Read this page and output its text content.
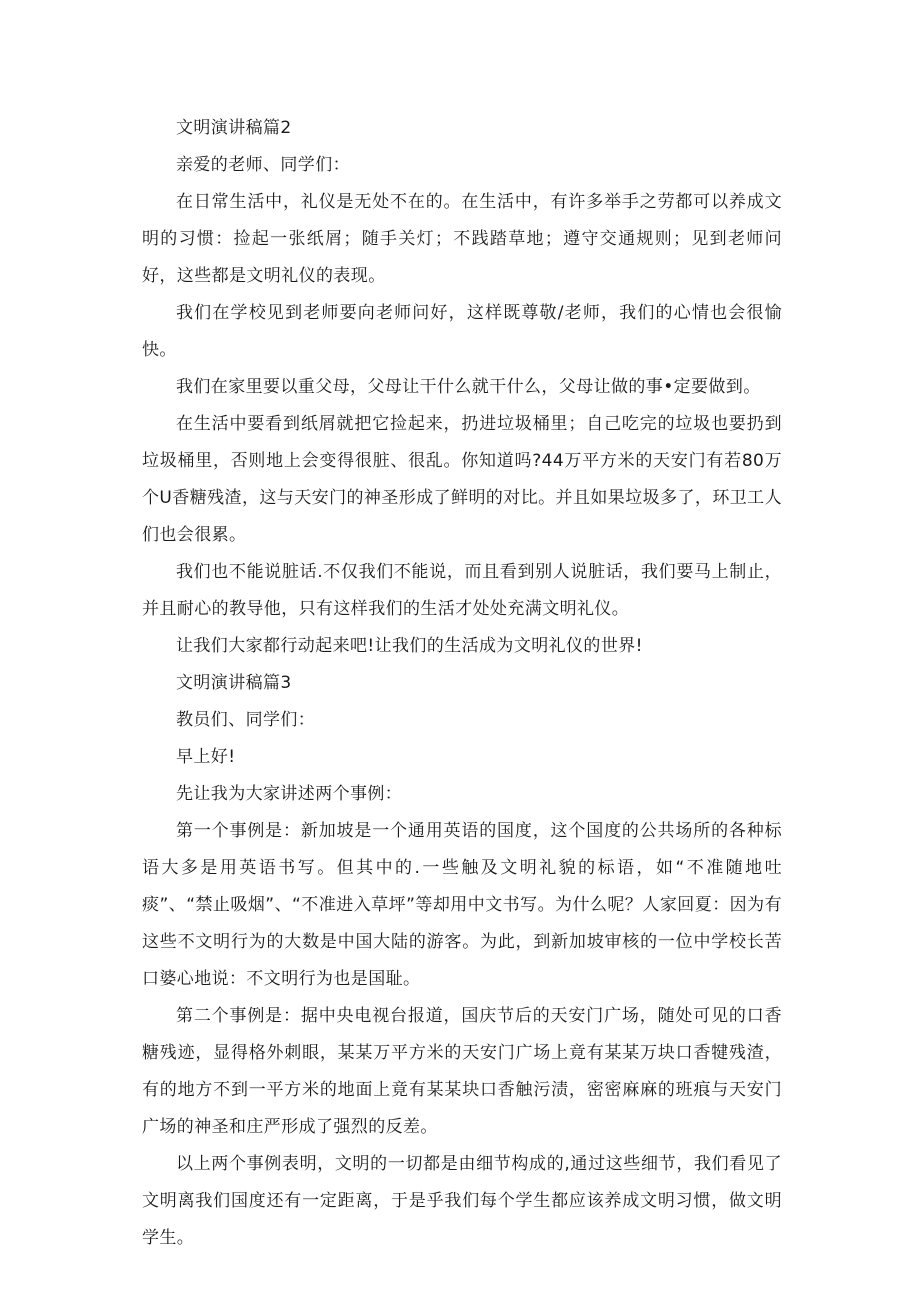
文明演讲稿篇2

亲爱的老师、同学们：

在日常生活中，礼仪是无处不在的。在生活中，有许多举手之劳都可以养成文明的习惯：捡起一张纸屑；随手关灯；不践踏草地；遵守交通规则；见到老师问好，这些都是文明礼仪的表现。

我们在学校见到老师要向老师问好，这样既尊敬/老师，我们的心情也会很愉快。

我们在家里要以重父母，父母让干什么就干什么，父母让做的事•定要做到。

在生活中要看到纸屑就把它捡起来，扔进垃圾桶里；自己吃完的垃圾也要扔到垃圾桶里，否则地上会变得很脏、很乱。你知道吗?44万平方米的天安门有若80万个U香糖残渣，这与天安门的神圣形成了鲜明的对比。并且如果垃圾多了，环卫工人们也会很累。

我们也不能说脏话.不仅我们不能说，而且看到别人说脏话，我们要马上制止，并且耐心的教导他，只有这样我们的生活才处处充满文明礼仪。

让我们大家都行动起来吧!让我们的生活成为文明礼仪的世界!

文明演讲稿篇3

教员们、同学们：

早上好!

先让我为大家讲述两个事例：

第一个事例是：新加坡是一个通用英语的国度，这个国度的公共场所的各种标语大多是用英语书写。但其中的.一些触及文明礼貌的标语，如“不准随地吐痰”、“禁止吸烟”、“不准进入草坪”等却用中文书写。为什么呢？人家回夏：因为有这些不文明行为的大数是中国大陆的游客。为此，到新加坡审核的一位中学校长苦口婆心地说：不文明行为也是国耻。

第二个事例是：据中央电视台报道，国庆节后的天安门广场，随处可见的口香糖残迹，显得格外刺眼，某某万平方米的天安门广场上竟有某某万块口香犍残渣，有的地方不到一平方米的地面上竟有某某块口香触污渍，密密麻麻的班痕与天安门广场的神圣和庄严形成了强烈的反差。

以上两个事例表明，文明的一切都是由细节构成的,通过这些细节，我们看见了文明离我们国度还有一定距离，于是乎我们每个学生都应该养成文明习惯，做文明学生。
